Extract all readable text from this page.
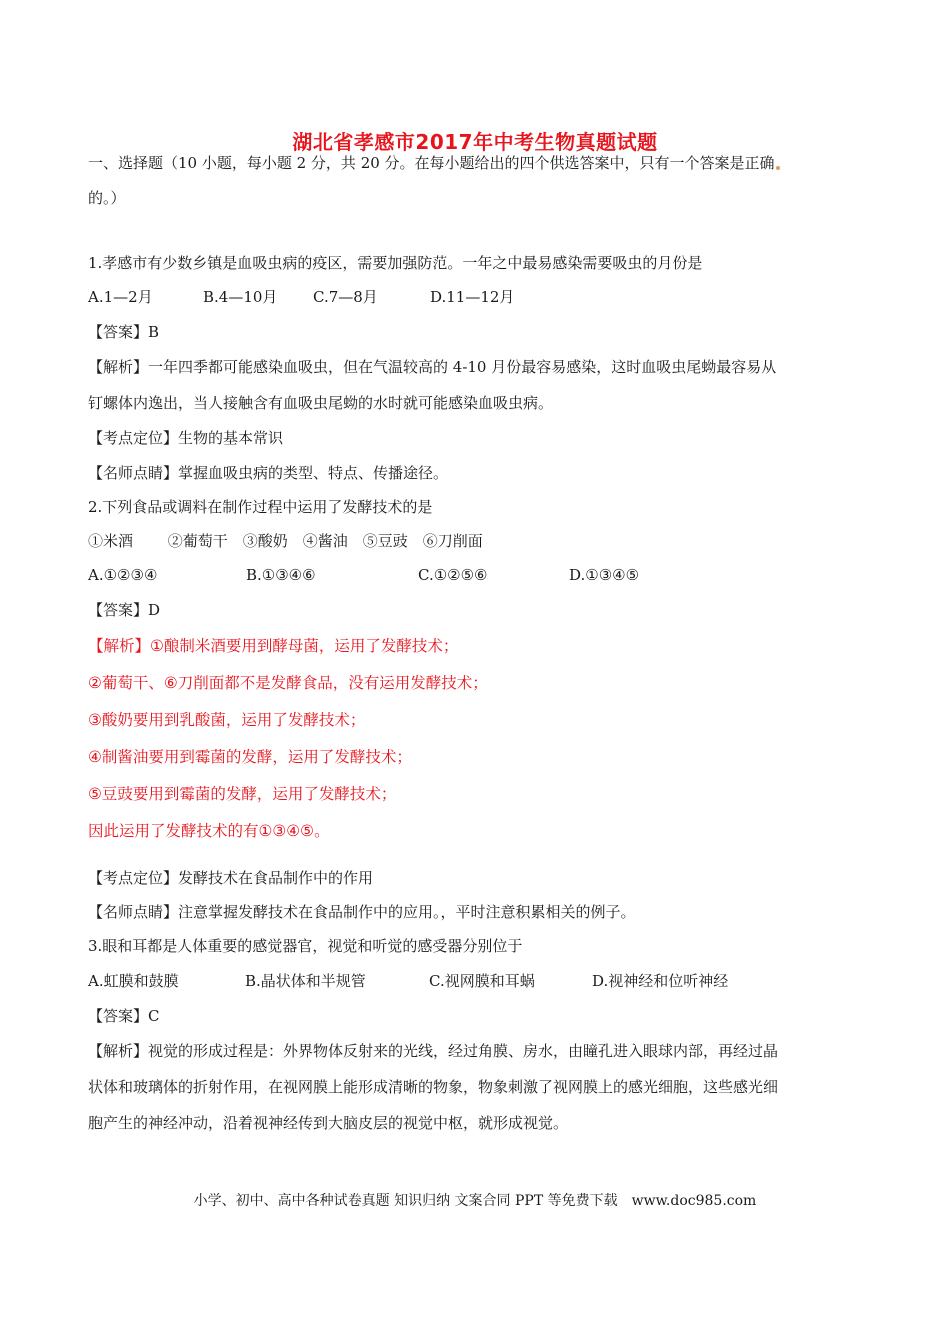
湖北省孝感市2017年中考生物真题试题
一、选择题（10 小题，每小题 2 分，共 20 分。在每小题给出的四个供选答案中，只有一个答案是正确
的。）
1.孝感市有少数乡镇是血吸虫病的疫区，需要加强防范。一年之中最易感染需要吸虫的月份是
A.1—2月	B.4—10月 C.7—8月	D.11—12月
【答案】B
【解析】一年四季都可能感染血吸虫，但在气温较高的 4-10 月份最容易感染，这时血吸虫尾蚴最容易从
钉螺体内逸出，当人接触含有血吸虫尾蚴的水时就可能感染血吸虫病。
【考点定位】生物的基本常识
【名师点睛】掌握血吸虫病的类型、特点、传播途径。
2.下列食品或调料在制作过程中运用了发酵技术的是
①米酒　　 ②葡萄干　③酸奶　④酱油　⑤豆豉　⑥刀削面
A.①②③④	B.①③④⑥	C.①②⑤⑥	D.①③④⑤
【答案】D
【解析】①酿制米酒要用到酵母菌，运用了发酵技术；
②葡萄干、⑥刀削面都不是发酵食品，没有运用发酵技术；
③酸奶要用到乳酸菌，运用了发酵技术；
④制酱油要用到霉菌的发酵，运用了发酵技术；
⑤豆豉要用到霉菌的发酵，运用了发酵技术；
因此运用了发酵技术的有①③④⑤。
【考点定位】发酵技术在食品制作中的作用
【名师点睛】注意掌握发酵技术在食品制作中的应用。，平时注意积累相关的例子。
3.眼和耳都是人体重要的感觉器官，视觉和听觉的感受器分别位于
A.虹膜和鼓膜	B.晶状体和半规管	C.视网膜和耳蜗	D.视神经和位听神经
【答案】C
【解析】视觉的形成过程是：外界物体反射来的光线，经过角膜、房水，由瞳孔进入眼球内部，再经过晶
状体和玻璃体的折射作用，在视网膜上能形成清晰的物象，物象刺激了视网膜上的感光细胞，这些感光细
胞产生的神经冲动，沿着视神经传到大脑皮层的视觉中枢，就形成视觉。
小学、初中、高中各种试卷真题 知识归纳 文案合同 PPT 等免费下载　www.doc985.com
